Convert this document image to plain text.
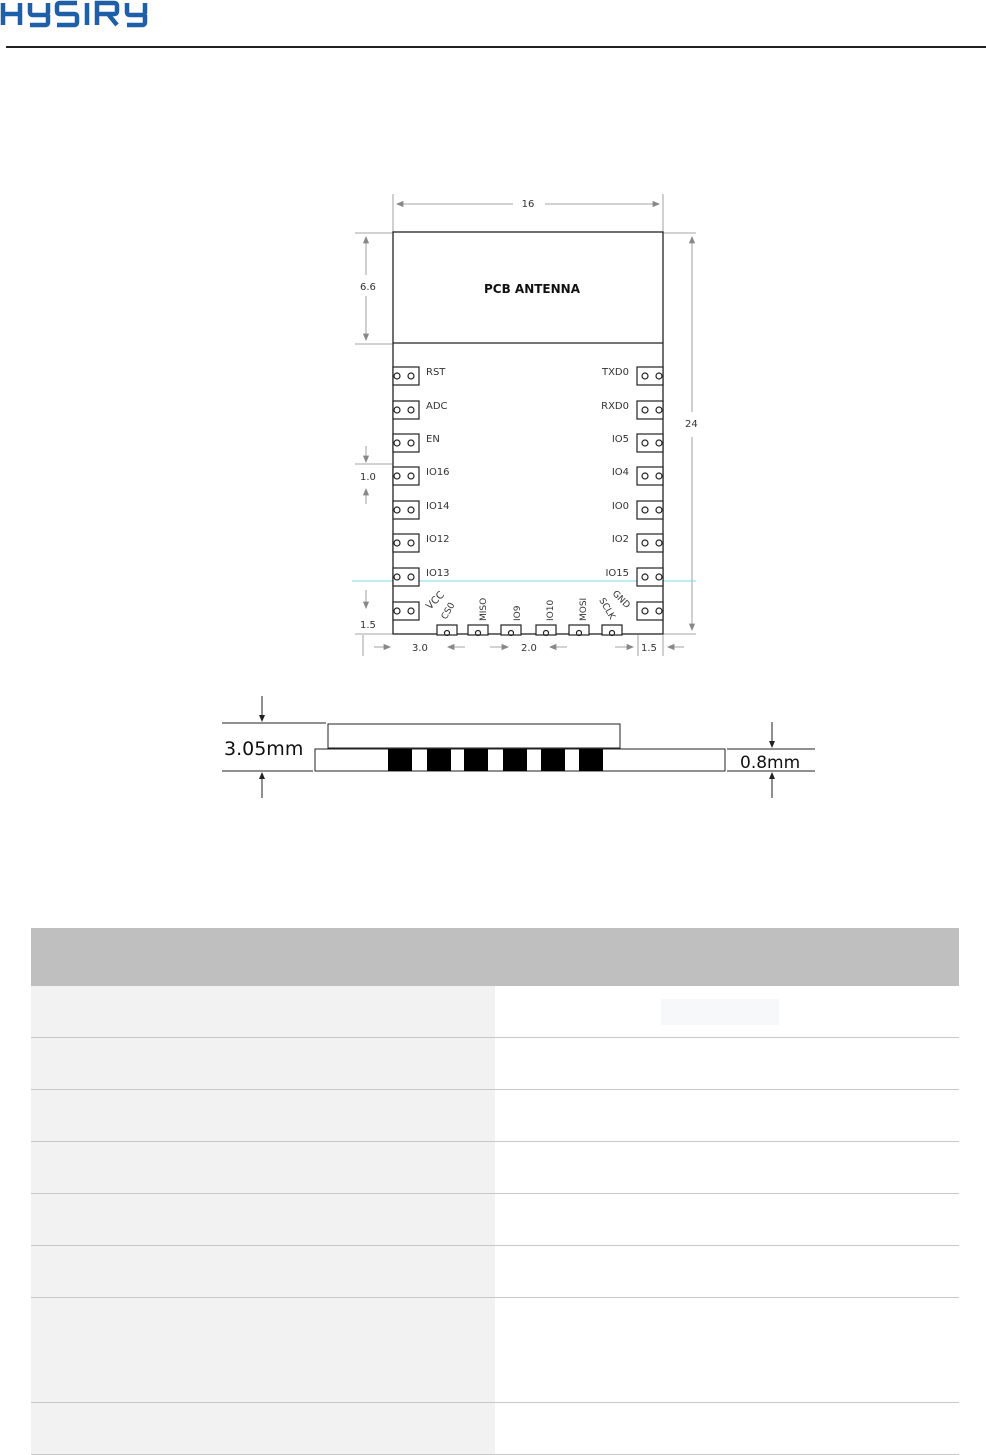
16
24
6.6
1.0
1.5
3.0	2.0	1.5
PCB ANTENNA
RST
ADC
EN
IO16
IO14
IO12
IO13
VCC
TXD0
RXD0
IO5
IO4
IO0
IO2
IO15
GND
CS0 MISO	IO9	IO10	MOSI SCLK
3.05mm
0.8mm
